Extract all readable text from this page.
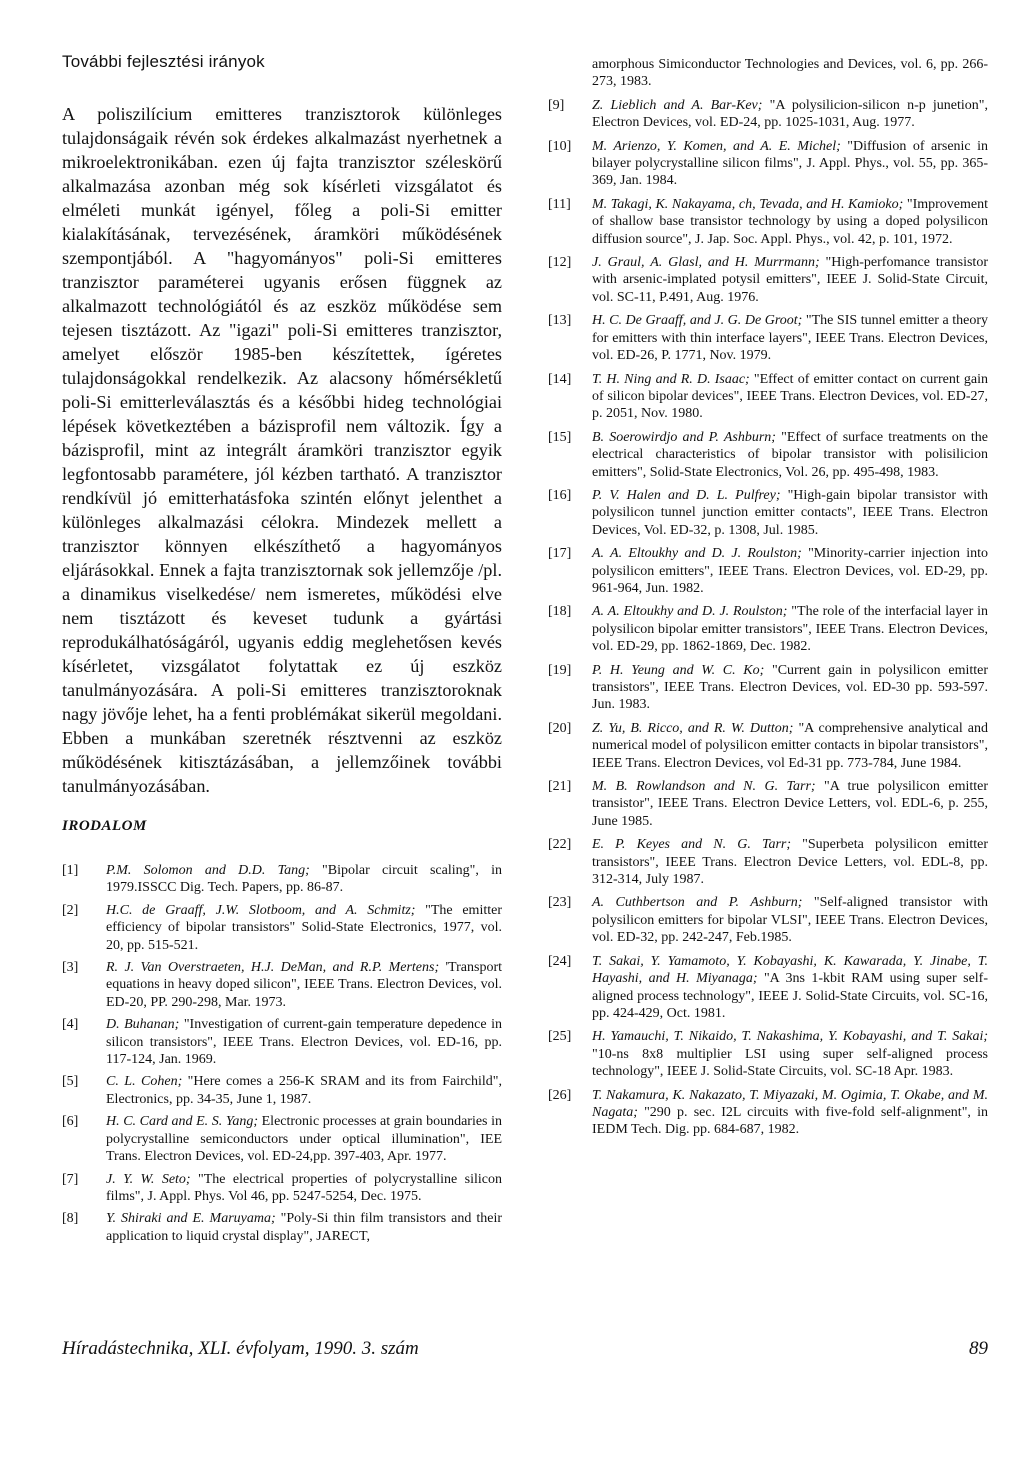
További fejlesztési irányok

A poliszilícium emitteres tranzisztorok különleges tulajdonságaik révén sok érdekes alkalmazást nyerhetnek a mikroelektronikában. ezen új fajta tranzisztor széleskörű alkalmazása azonban még sok kísérleti vizsgálatot és elméleti munkát igényel, főleg a poli-Si emitter kialakításának, tervezésének, áramköri működésének szempontjából. A "hagyományos" poli-Si emitteres tranzisztor paraméterei ugyanis erősen függnek az alkalmazott technológiától és az eszköz működése sem tejesen tisztázott. Az "igazi" poli-Si emitteres tranzisztor, amelyet először 1985-ben készítettek, ígéretes tulajdonságokkal rendelkezik. Az alacsony hőmérsékletű poli-Si emitterleválasztás és a későbbi hideg technológiai lépések következtében a bázisprofil nem változik. Így a bázisprofil, mint az integrált áramköri tranzisztor egyik legfontosabb paramétere, jól kézben tartható. A tranzisztor rendkívül jó emitterhatásfoka szintén előnyt jelenthet a különleges alkalmazási célokra. Mindezek mellett a tranzisztor könnyen elkészíthető a hagyományos eljárásokkal. Ennek a fajta tranzisztornak sok jellemzője /pl. a dinamikus viselkedése/ nem ismeretes, működési elve nem tisztázott és keveset tudunk a gyártási reprodukálhatóságáról, ugyanis eddig meglehetősen kevés kísérletet, vizsgálatot folytattak ez új eszköz tanulmányozására. A poli-Si emitteres tranzisztoroknak nagy jövője lehet, ha a fenti problémákat sikerül megoldani. Ebben a munkában szeretnék résztvenni az eszköz működésének kitisztázásában, a jellemzőinek további tanulmányozásában.

IRODALOM
[1] P.M. Solomon and D.D. Tang; "Bipolar circuit scaling", in 1979.ISSCC Dig. Tech. Papers, pp. 86-87.
[2] H.C. de Graaff, J.W. Slotboom, and A. Schmitz; "The emitter efficiency of bipolar transistors" Solid-State Electronics, 1977, vol. 20, pp. 515-521.
[3] R. J. Van Overstraeten, H.J. DeMan, and R.P. Mertens; 'Transport equations in heavy doped silicon", IEEE Trans. Electron Devices, vol. ED-20, PP. 290-298, Mar. 1973.
[4] D. Buhanan; "Investigation of current-gain temperature depedence in silicon transistors", IEEE Trans. Electron Devices, vol. ED-16, pp. 117-124, Jan. 1969.
[5] C. L. Cohen; "Here comes a 256-K SRAM and its from Fairchild", Electronics, pp. 34-35, June 1, 1987.
[6] H. C. Card and E. S. Yang; Electronic processes at grain boundaries in polycrystalline semiconductors under optical illumination", IEE Trans. Electron Devices, vol. ED-24,pp. 397-403, Apr. 1977.
[7] J. Y. W. Seto; "The electrical properties of polycrystalline silicon films", J. Appl. Phys. Vol 46, pp. 5247-5254, Dec. 1975.
[8] Y. Shiraki and E. Maruyama; "Poly-Si thin film transistors and their application to liquid crystal display", JARECT,
amorphous Simiconductor Technologies and Devices, vol. 6, pp. 266-273, 1983.
[9] Z. Lieblich and A. Bar-Kev; "A polysilicion-silicon n-p junetion", Electron Devices, vol. ED-24, pp. 1025-1031, Aug. 1977.
[10] M. Arienzo, Y. Komen, and A. E. Michel; "Diffusion of arsenic in bilayer polycrystalline silicon films", J. Appl. Phys., vol. 55, pp. 365-369, Jan. 1984.
[11] M. Takagi, K. Nakayama, ch, Tevada, and H. Kamioko; "Improvement of shallow base transistor technology by using a doped polysilicon diffusion source", J. Jap. Soc. Appl. Phys., vol. 42, p. 101, 1972.
[12] J. Graul, A. Glasl, and H. Murrmann; "High-perfomance transistor with arsenic-implated potysil emitters", IEEE J. Solid-State Circuit, vol. SC-11, P.491, Aug. 1976.
[13] H. C. De Graaff, and J. G. De Groot; "The SIS tunnel emitter a theory for emitters with thin interface layers", IEEE Trans. Electron Devices, vol. ED-26, P. 1771, Nov. 1979.
[14] T. H. Ning and R. D. Isaac; "Effect of emitter contact on current gain of silicon bipolar devices", IEEE Trans. Electron Devices, vol. ED-27, p. 2051, Nov. 1980.
[15] B. Soerowirdjo and P. Ashburn; "Effect of surface treatments on the electrical characteristics of bipolar transistor with polisilicion emitters", Solid-State Electronics, Vol. 26, pp. 495-498, 1983.
[16] P. V. Halen and D. L. Pulfrey; "High-gain bipolar transistor with polysilicon tunnel junction emitter contacts", IEEE Trans. Electron Devices, Vol. ED-32, p. 1308, Jul. 1985.
[17] A. A. Eltoukhy and D. J. Roulston; "Minority-carrier injection into polysilicon emitters", IEEE Trans. Electron Devices, vol. ED-29, pp. 961-964, Jun. 1982.
[18] A. A. Eltoukhy and D. J. Roulston; "The role of the interfacial layer in polysilicon bipolar emitter transistors", IEEE Trans. Electron Devices, vol. ED-29, pp. 1862-1869, Dec. 1982.
[19] P. H. Yeung and W. C. Ko; "Current gain in polysilicon emitter transistors", IEEE Trans. Electron Devices, vol. ED-30 pp. 593-597. Jun. 1983.
[20] Z. Yu, B. Ricco, and R. W. Dutton; "A comprehensive analytical and numerical model of polysilicon emitter contacts in bipolar transistors", IEEE Trans. Electron Devices, vol Ed-31 pp. 773-784, June 1984.
[21] M. B. Rowlandson and N. G. Tarr; "A true polysilicon emitter transistor", IEEE Trans. Electron Device Letters, vol. EDL-6, p. 255, June 1985.
[22] E. P. Keyes and N. G. Tarr; "Superbeta polysilicon emitter transistors", IEEE Trans. Electron Device Letters, vol. EDL-8, pp. 312-314, July 1987.
[23] A. Cuthbertson and P. Ashburn; "Self-aligned transistor with polysilicon emitters for bipolar VLSI", IEEE Trans. Electron Devices, vol. ED-32, pp. 242-247, Feb.1985.
[24] T. Sakai, Y. Yamamoto, Y. Kobayashi, K. Kawarada, Y. Jinabe, T. Hayashi, and H. Miyanaga; "A 3ns 1-kbit RAM using super self-aligned process technology", IEEE J. Solid-State Circuits, vol. SC-16, pp. 424-429, Oct. 1981.
[25] H. Yamauchi, T. Nikaido, T. Nakashima, Y. Kobayashi, and T. Sakai; "10-ns 8x8 multiplier LSI using super self-aligned process technology", IEEE J. Solid-State Circuits, vol. SC-18 Apr. 1983.
[26] T. Nakamura, K. Nakazato, T. Miyazaki, M. Ogimia, T. Okabe, and M. Nagata; "290 p. sec. I2L circuits with five-fold self-alignment", in IEDM Tech. Dig. pp. 684-687, 1982.
Híradástechnika, XLI. évfolyam, 1990. 3. szám	89
